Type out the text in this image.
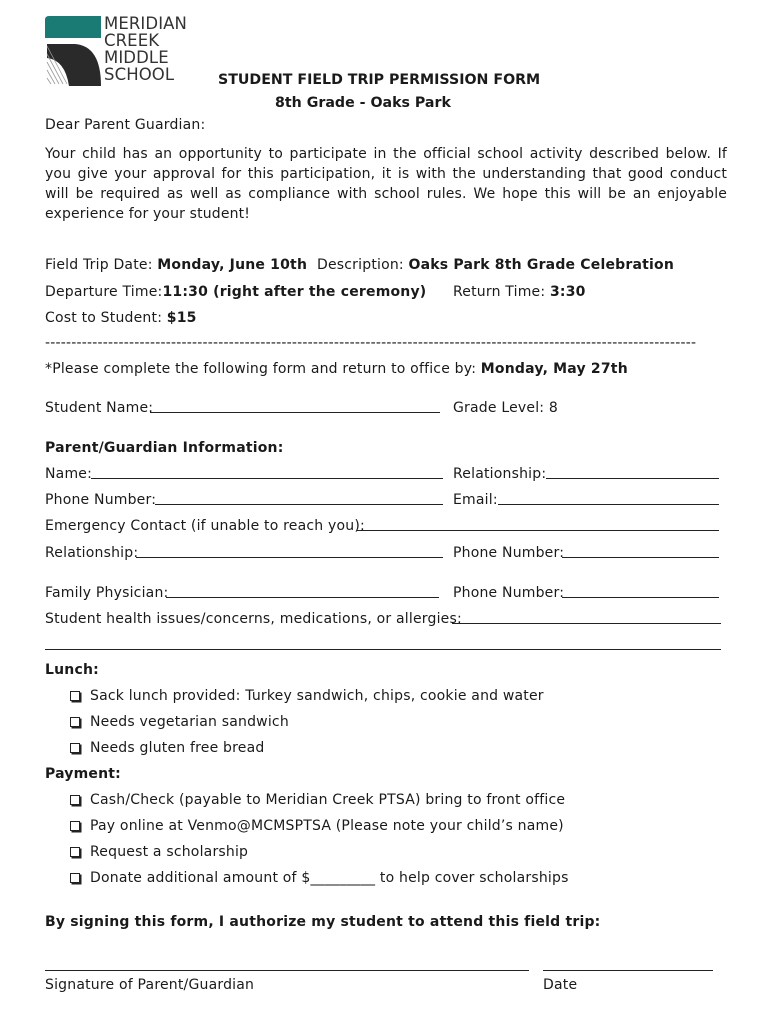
MERIDIAN
CREEK
MIDDLE
SCHOOL	STUDENT FIELD TRIP PERMISSION FORM
8th Grade - Oaks Park
Dear Parent Guardian:
Your child has an opportunity to participate in the official school activity described below. If you give your approval for this participation, it is with the understanding that good conduct will be required as well as compliance with school rules. We hope this will be an enjoyable experience for your student!
Field Trip Date: Monday, June 10th Description: Oaks Park 8th Grade Celebration
Departure Time:11:30 (right after the ceremony) Return Time: 3:30
Cost to Student: $15
----------------------------------------------------------------------------------------------------------------------------
*Please complete the following form and return to office by: Monday, May 27th
Student Name:	Grade Level: 8
Parent/Guardian Information:
Name:	Relationship:
Phone Number:	Email:
Emergency Contact (if unable to reach you):
Relationship:	Phone Number:
Family Physician:	Phone Number:
Student health issues/concerns, medications, or allergies:
Lunch:
Sack lunch provided: Turkey sandwich, chips, cookie and water
Needs vegetarian sandwich
Needs gluten free bread
Payment:
Cash/Check (payable to Meridian Creek PTSA) bring to front office
Pay online at Venmo@MCMSPTSA (Please note your child’s name)
Request a scholarship
Donate additional amount of $_________ to help cover scholarships
By signing this form, I authorize my student to attend this field trip:
Signature of Parent/Guardian	Date
